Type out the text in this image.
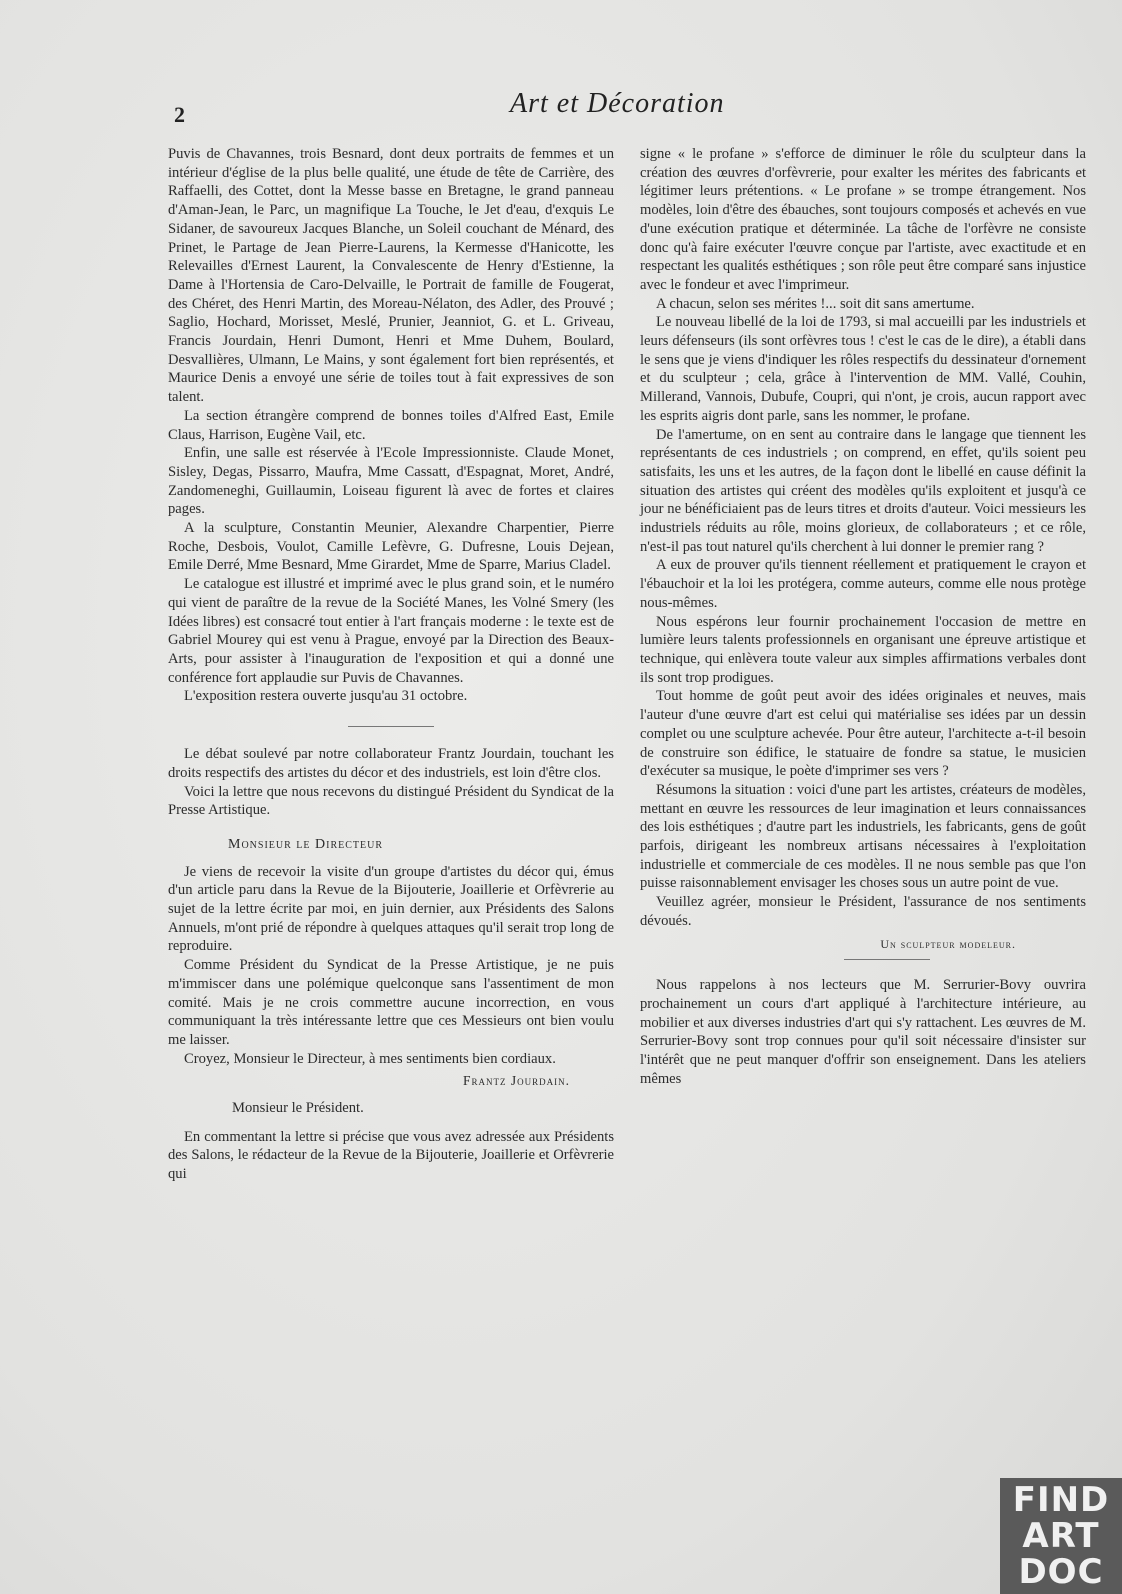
2	Art et Décoration

Puvis de Chavannes, trois Besnard, dont deux portraits de femmes et un intérieur d'église de la plus belle qualité, une étude de tête de Carrière, des Raffaelli, des Cottet, dont la Messe basse en Bretagne, le grand panneau d'Aman-Jean, le Parc, un magnifique La Touche, le Jet d'eau, d'exquis Le Sidaner, de savoureux Jacques Blanche, un Soleil couchant de Ménard, des Prinet, le Partage de Jean Pierre-Laurens, la Kermesse d'Hanicotte, les Relevailles d'Ernest Laurent, la Convalescente de Henry d'Estienne, la Dame à l'Hortensia de Caro-Delvaille, le Portrait de famille de Fougerat, des Chéret, des Henri Martin, des Moreau-Nélaton, des Adler, des Prouvé ; Saglio, Hochard, Morisset, Meslé, Prunier, Jeanniot, G. et L. Griveau, Francis Jourdain, Henri Dumont, Henri et Mme Duhem, Boulard, Desvallières, Ulmann, Le Mains, y sont également fort bien représentés, et Maurice Denis a envoyé une série de toiles tout à fait expressives de son talent.

La section étrangère comprend de bonnes toiles d'Alfred East, Emile Claus, Harrison, Eugène Vail, etc.

Enfin, une salle est réservée à l'Ecole Impressionniste. Claude Monet, Sisley, Degas, Pissarro, Maufra, Mme Cassatt, d'Espagnat, Moret, André, Zandomeneghi, Guillaumin, Loiseau figurent là avec de fortes et claires pages.

A la sculpture, Constantin Meunier, Alexandre Charpentier, Pierre Roche, Desbois, Voulot, Camille Lefèvre, G. Dufresne, Louis Dejean, Emile Derré, Mme Besnard, Mme Girardet, Mme de Sparre, Marius Cladel.

Le catalogue est illustré et imprimé avec le plus grand soin, et le numéro qui vient de paraître de la revue de la Société Manes, les Volné Smery (les Idées libres) est consacré tout entier à l'art français moderne : le texte est de Gabriel Mourey qui est venu à Prague, envoyé par la Direction des Beaux-Arts, pour assister à l'inauguration de l'exposition et qui a donné une conférence fort applaudie sur Puvis de Chavannes.

L'exposition restera ouverte jusqu'au 31 octobre.

Le débat soulevé par notre collaborateur Frantz Jourdain, touchant les droits respectifs des artistes du décor et des industriels, est loin d'être clos.

Voici la lettre que nous recevons du distingué Président du Syndicat de la Presse Artistique.

Monsieur le Directeur

Je viens de recevoir la visite d'un groupe d'artistes du décor qui, émus d'un article paru dans la Revue de la Bijouterie, Joaillerie et Orfèvrerie au sujet de la lettre écrite par moi, en juin dernier, aux Présidents des Salons Annuels, m'ont prié de répondre à quelques attaques qu'il serait trop long de reproduire.

Comme Président du Syndicat de la Presse Artistique, je ne puis m'immiscer dans une polémique quelconque sans l'assentiment de mon comité. Mais je ne crois commettre aucune incorrection, en vous communiquant la très intéressante lettre que ces Messieurs ont bien voulu me laisser.

Croyez, Monsieur le Directeur, à mes sentiments bien cordiaux.

Frantz Jourdain.

Monsieur le Président.

En commentant la lettre si précise que vous avez adressée aux Présidents des Salons, le rédacteur de la Revue de la Bijouterie, Joaillerie et Orfèvrerie qui

signe « le profane » s'efforce de diminuer le rôle du sculpteur dans la création des œuvres d'orfèvrerie, pour exalter les mérites des fabricants et légitimer leurs prétentions. « Le profane » se trompe étrangement. Nos modèles, loin d'être des ébauches, sont toujours composés et achevés en vue d'une exécution pratique et déterminée. La tâche de l'orfèvre ne consiste donc qu'à faire exécuter l'œuvre conçue par l'artiste, avec exactitude et en respectant les qualités esthétiques ; son rôle peut être comparé sans injustice avec le fondeur et avec l'imprimeur.

A chacun, selon ses mérites !... soit dit sans amertume.

Le nouveau libellé de la loi de 1793, si mal accueilli par les industriels et leurs défenseurs (ils sont orfèvres tous ! c'est le cas de le dire), a établi dans le sens que je viens d'indiquer les rôles respectifs du dessinateur d'ornement et du sculpteur ; cela, grâce à l'intervention de MM. Vallé, Couhin, Millerand, Vannois, Dubufe, Coupri, qui n'ont, je crois, aucun rapport avec les esprits aigris dont parle, sans les nommer, le profane.

De l'amertume, on en sent au contraire dans le langage que tiennent les représentants de ces industriels ; on comprend, en effet, qu'ils soient peu satisfaits, les uns et les autres, de la façon dont le libellé en cause définit la situation des artistes qui créent des modèles qu'ils exploitent et jusqu'à ce jour ne bénéficiaient pas de leurs titres et droits d'auteur. Voici messieurs les industriels réduits au rôle, moins glorieux, de collaborateurs ; et ce rôle, n'est-il pas tout naturel qu'ils cherchent à lui donner le premier rang ?

A eux de prouver qu'ils tiennent réellement et pratiquement le crayon et l'ébauchoir et la loi les protégera, comme auteurs, comme elle nous protège nous-mêmes.

Nous espérons leur fournir prochainement l'occasion de mettre en lumière leurs talents professionnels en organisant une épreuve artistique et technique, qui enlèvera toute valeur aux simples affirmations verbales dont ils sont trop prodigues.

Tout homme de goût peut avoir des idées originales et neuves, mais l'auteur d'une œuvre d'art est celui qui matérialise ses idées par un dessin complet ou une sculpture achevée. Pour être auteur, l'architecte a-t-il besoin de construire son édifice, le statuaire de fondre sa statue, le musicien d'exécuter sa musique, le poète d'imprimer ses vers ?

Résumons la situation : voici d'une part les artistes, créateurs de modèles, mettant en œuvre les ressources de leur imagination et leurs connaissances des lois esthétiques ; d'autre part les industriels, les fabricants, gens de goût parfois, dirigeant les nombreux artisans nécessaires à l'exploitation industrielle et commerciale de ces modèles. Il ne nous semble pas que l'on puisse raisonnablement envisager les choses sous un autre point de vue.

Veuillez agréer, monsieur le Président, l'assurance de nos sentiments dévoués.

Un sculpteur modeleur.

Nous rappelons à nos lecteurs que M. Serrurier-Bovy ouvrira prochainement un cours d'art appliqué à l'architecture intérieure, au mobilier et aux diverses industries d'art qui s'y rattachent. Les œuvres de M. Serrurier-Bovy sont trop connues pour qu'il soit nécessaire d'insister sur l'intérêt que ne peut manquer d'offrir son enseignement. Dans les ateliers mêmes

FIND
ART
DOC
